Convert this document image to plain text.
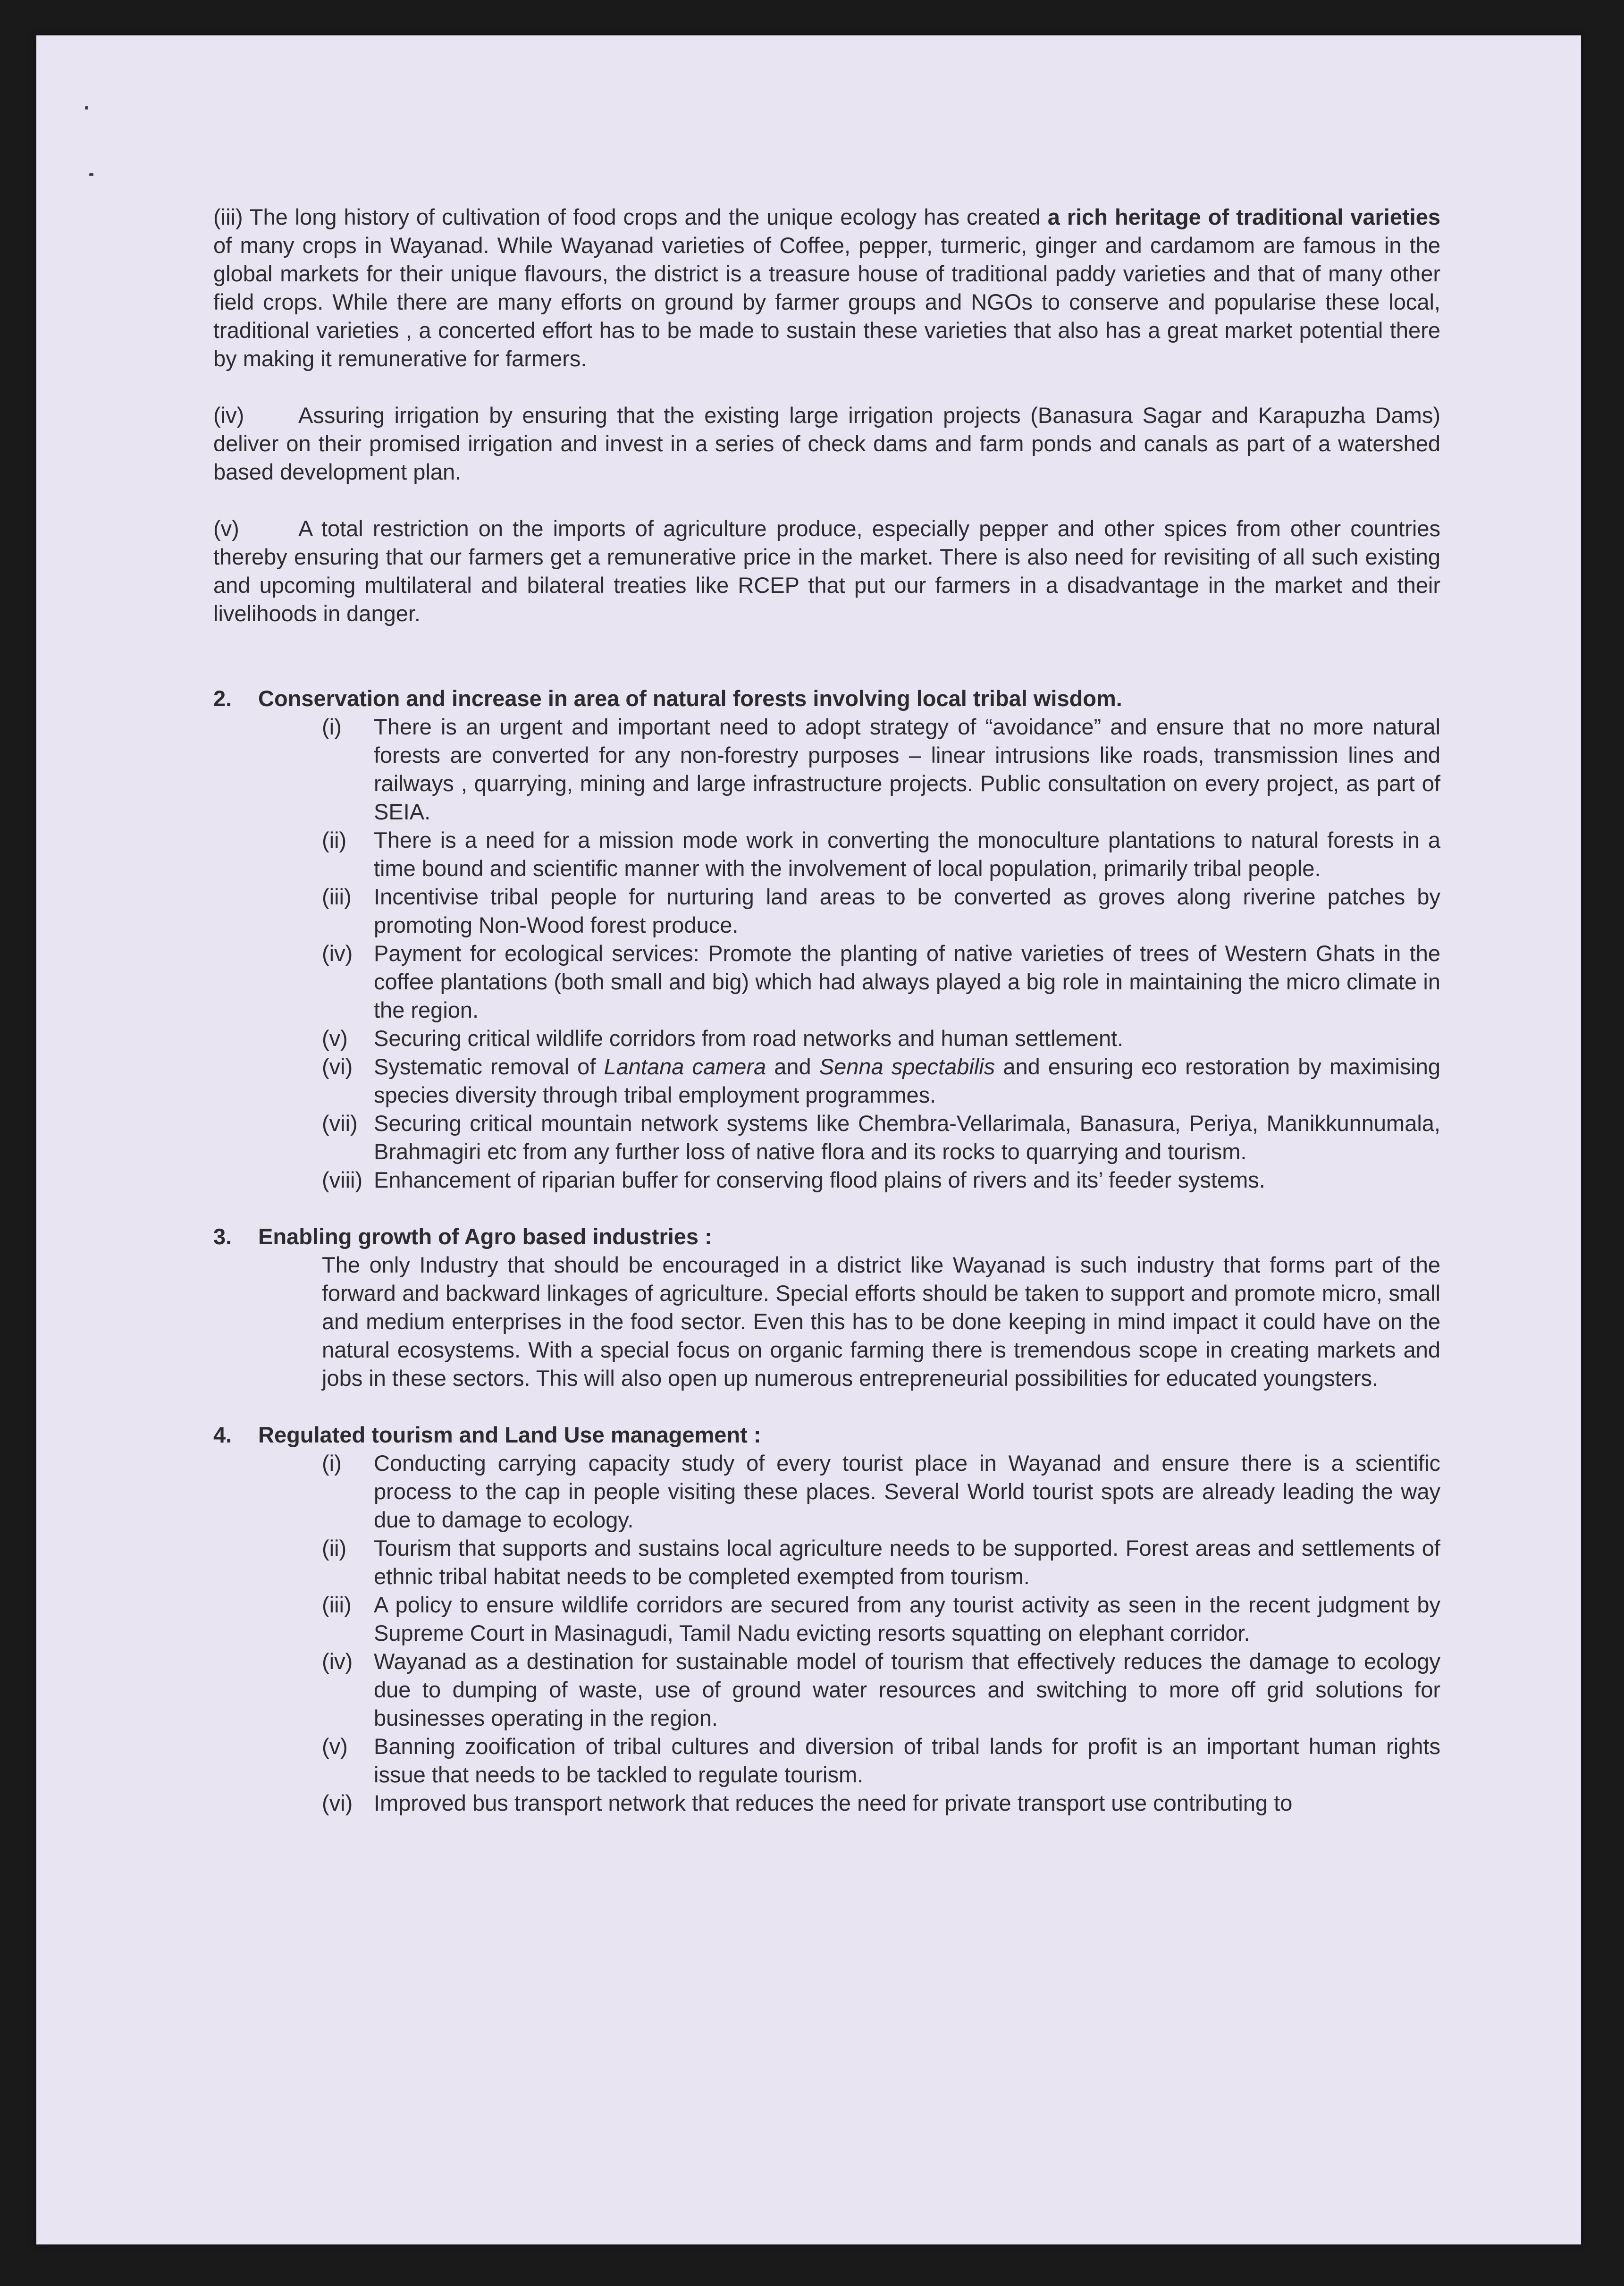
(iii) The long history of cultivation of food crops and the unique ecology has created a rich heritage of traditional varieties of many crops in Wayanad. While Wayanad varieties of Coffee, pepper, turmeric, ginger and cardamom are famous in the global markets for their unique flavours, the district is a treasure house of traditional paddy varieties and that of many other field crops. While there are many efforts on ground by farmer groups and NGOs to conserve and popularise these local, traditional varieties , a concerted effort has to be made to sustain these varieties that also has a great market potential there by making it remunerative for farmers.

(iv) Assuring irrigation by ensuring that the existing large irrigation projects (Banasura Sagar and Karapuzha Dams) deliver on their promised irrigation and invest in a series of check dams and farm ponds and canals as part of a watershed based development plan.

(v)	A total restriction on the imports of agriculture produce, especially pepper and other spices from other countries thereby ensuring that our farmers get a remunerative price in the market. There is also need for revisiting of all such existing and upcoming multilateral and bilateral treaties like RCEP that put our farmers in a disadvantage in the market and their livelihoods in danger.

2.	Conservation and increase in area of natural forests involving local tribal wisdom.
(i)	There is an urgent and important need to adopt strategy of “avoidance” and ensure that no more natural forests are converted for any non-forestry purposes – linear intrusions like roads, transmission lines and railways , quarrying, mining and large infrastructure projects. Public consultation on every project, as part of SEIA.
(ii)	There is a need for a mission mode work in converting the monoculture plantations to natural forests in a time bound and scientific manner with the involvement of local population, primarily tribal people.
(iii)	Incentivise tribal people for nurturing land areas to be converted as groves along riverine patches by promoting Non-Wood forest produce.
(iv) Payment for ecological services: Promote the planting of native varieties of trees of Western Ghats in the coffee plantations (both small and big) which had always played a big role in maintaining the micro climate in the region.
(v)	Securing critical wildlife corridors from road networks and human settlement.
(vi) Systematic removal of Lantana camera and Senna spectabilis and ensuring eco restoration by maximising species diversity through tribal employment programmes.
(vii) Securing critical mountain network systems like Chembra-Vellarimala, Banasura, Periya, Manikkunnumala, Brahmagiri etc from any further loss of native flora and its rocks to quarrying and tourism.
(viii) Enhancement of riparian buffer for conserving flood plains of rivers and its’ feeder systems.
3.	Enabling growth of Agro based industries :

The only Industry that should be encouraged in a district like Wayanad is such industry that forms part of the forward and backward linkages of agriculture. Special efforts should be taken to support and promote micro, small and medium enterprises in the food sector. Even this has to be done keeping in mind impact it could have on the natural ecosystems. With a special focus on organic farming there is tremendous scope in creating markets and jobs in these sectors. This will also open up numerous entrepreneurial possibilities for educated youngsters.

4.	Regulated tourism and Land Use management :
(i)	Conducting carrying capacity study of every tourist place in Wayanad and ensure there is a scientific process to the cap in people visiting these places. Several World tourist spots are already leading the way due to damage to ecology.
(ii)	Tourism that supports and sustains local agriculture needs to be supported. Forest areas and settlements of ethnic tribal habitat needs to be completed exempted from tourism.
(iii)	A policy to ensure wildlife corridors are secured from any tourist activity as seen in the recent judgment by Supreme Court in Masinagudi, Tamil Nadu evicting resorts squatting on elephant corridor.
(iv) Wayanad as a destination for sustainable model of tourism that effectively reduces the damage to ecology due to dumping of waste, use of ground water resources and switching to more off grid solutions for businesses operating in the region.
(v)	Banning zooification of tribal cultures and diversion of tribal lands for profit is an important human rights issue that needs to be tackled to regulate tourism.
(vi) Improved bus transport network that reduces the need for private transport use contributing to
